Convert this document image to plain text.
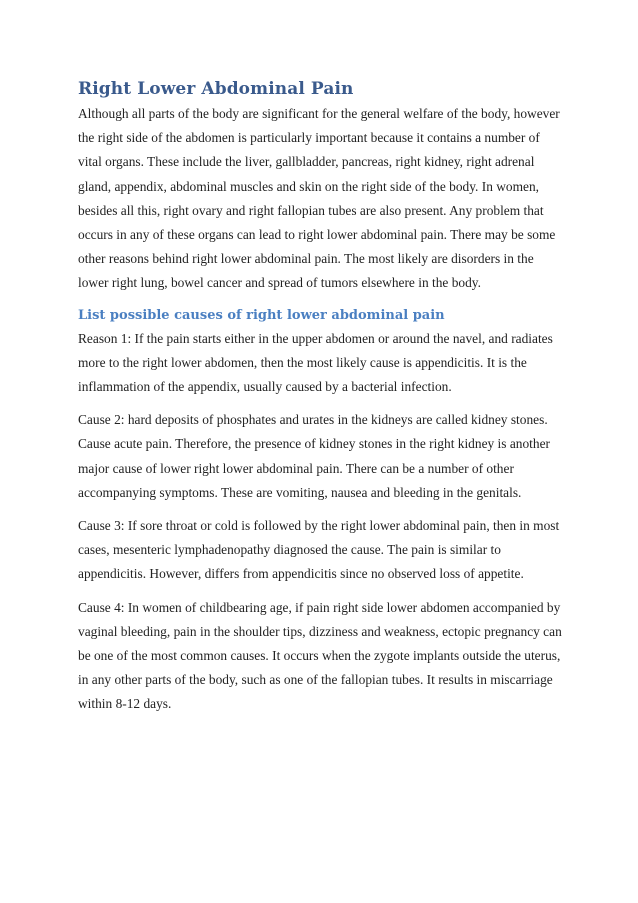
Right Lower Abdominal Pain

Although all parts of the body are significant for the general welfare of the body, however the right side of the abdomen is particularly important because it contains a number of vital organs. These include the liver, gallbladder, pancreas, right kidney, right adrenal gland, appendix, abdominal muscles and skin on the right side of the body. In women, besides all this, right ovary and right fallopian tubes are also present. Any problem that occurs in any of these organs can lead to right lower abdominal pain. There may be some other reasons behind right lower abdominal pain. The most likely are disorders in the lower right lung, bowel cancer and spread of tumors elsewhere in the body.

List possible causes of right lower abdominal pain

Reason 1: If the pain starts either in the upper abdomen or around the navel, and radiates more to the right lower abdomen, then the most likely cause is appendicitis. It is the inflammation of the appendix, usually caused by a bacterial infection.

Cause 2: hard deposits of phosphates and urates in the kidneys are called kidney stones. Cause acute pain. Therefore, the presence of kidney stones in the right kidney is another major cause of lower right lower abdominal pain. There can be a number of other accompanying symptoms. These are vomiting, nausea and bleeding in the genitals.

Cause 3: If sore throat or cold is followed by the right lower abdominal pain, then in most cases, mesenteric lymphadenopathy diagnosed the cause. The pain is similar to appendicitis. However, differs from appendicitis since no observed loss of appetite.

Cause 4: In women of childbearing age, if pain right side lower abdomen accompanied by vaginal bleeding, pain in the shoulder tips, dizziness and weakness, ectopic pregnancy can be one of the most common causes. It occurs when the zygote implants outside the uterus, in any other parts of the body, such as one of the fallopian tubes. It results in miscarriage within 8-12 days.
